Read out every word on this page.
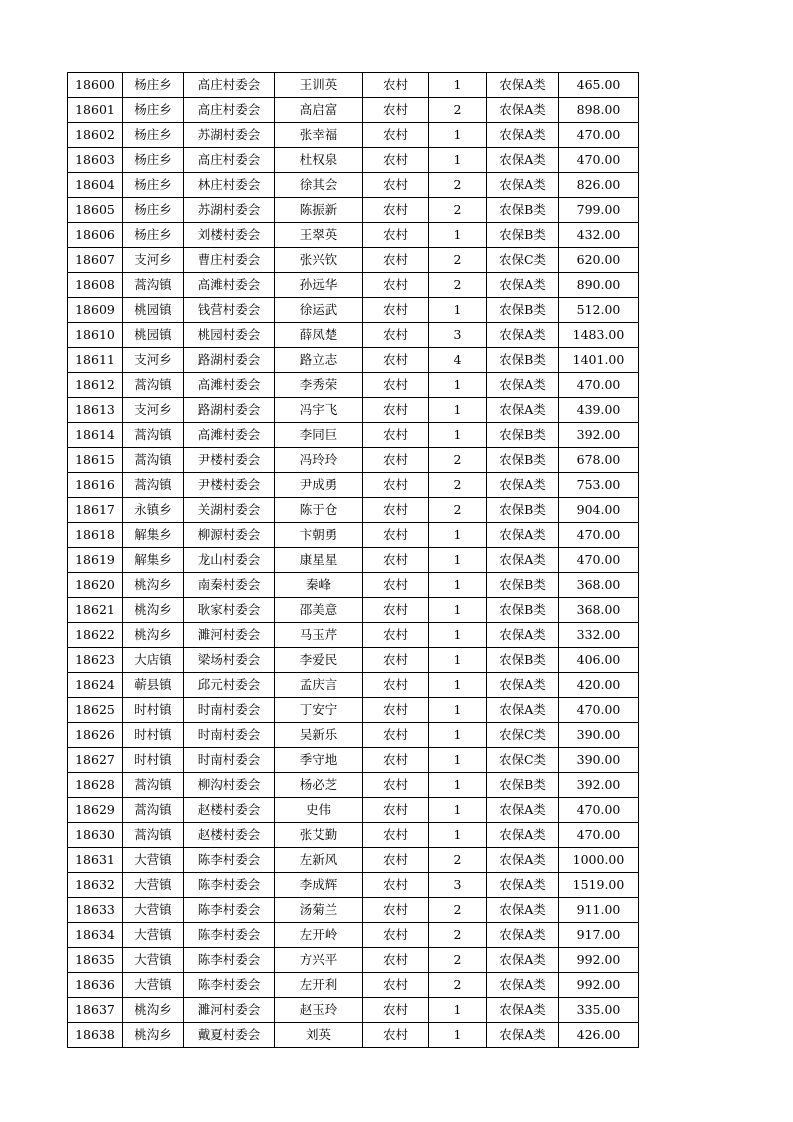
18600	杨庄乡	高庄村委会	王训英	农村	1	农保A类	465.00
18601	杨庄乡	高庄村委会	高启富	农村	2	农保A类	898.00
18602	杨庄乡	苏湖村委会	张幸福	农村	1	农保A类	470.00
18603	杨庄乡	高庄村委会	杜权泉	农村	1	农保A类	470.00
18604	杨庄乡	林庄村委会	徐其会	农村	2	农保A类	826.00
18605	杨庄乡	苏湖村委会	陈振新	农村	2	农保B类	799.00
18606	杨庄乡	刘楼村委会	王翠英	农村	1	农保B类	432.00
18607	支河乡	曹庄村委会	张兴钦	农村	2	农保C类	620.00
18608	蒿沟镇	高滩村委会	孙远华	农村	2	农保A类	890.00
18609	桃园镇	钱营村委会	徐运武	农村	1	农保B类	512.00
18610	桃园镇	桃园村委会	薛凤楚	农村	3	农保A类	1483.00
18611	支河乡	路湖村委会	路立志	农村	4	农保B类	1401.00
18612	蒿沟镇	高滩村委会	李秀荣	农村	1	农保A类	470.00
18613	支河乡	路湖村委会	冯宇飞	农村	1	农保A类	439.00
18614	蒿沟镇	高滩村委会	李同巨	农村	1	农保B类	392.00
18615	蒿沟镇	尹楼村委会	冯玲玲	农村	2	农保B类	678.00
18616	蒿沟镇	尹楼村委会	尹成勇	农村	2	农保A类	753.00
18617	永镇乡	关湖村委会	陈于仓	农村	2	农保B类	904.00
18618	解集乡	柳源村委会	卞朝勇	农村	1	农保A类	470.00
18619	解集乡	龙山村委会	康星星	农村	1	农保A类	470.00
18620	桃沟乡	南秦村委会	秦峰	农村	1	农保B类	368.00
18621	桃沟乡	耿家村委会	邵美意	农村	1	农保B类	368.00
18622	桃沟乡	濉河村委会	马玉芹	农村	1	农保A类	332.00
18623	大店镇	梁场村委会	李爱民	农村	1	农保B类	406.00
18624	蕲县镇	邱元村委会	孟庆言	农村	1	农保A类	420.00
18625	时村镇	时南村委会	丁安宁	农村	1	农保A类	470.00
18626	时村镇	时南村委会	吴新乐	农村	1	农保C类	390.00
18627	时村镇	时南村委会	季守地	农村	1	农保C类	390.00
18628	蒿沟镇	柳沟村委会	杨必芝	农村	1	农保B类	392.00
18629	蒿沟镇	赵楼村委会	史伟	农村	1	农保A类	470.00
18630	蒿沟镇	赵楼村委会	张艾勤	农村	1	农保A类	470.00
18631	大营镇	陈李村委会	左新风	农村	2	农保A类	1000.00
18632	大营镇	陈李村委会	李成辉	农村	3	农保A类	1519.00
18633	大营镇	陈李村委会	汤菊兰	农村	2	农保A类	911.00
18634	大营镇	陈李村委会	左开岭	农村	2	农保A类	917.00
18635	大营镇	陈李村委会	方兴平	农村	2	农保A类	992.00
18636	大营镇	陈李村委会	左开利	农村	2	农保A类	992.00
18637	桃沟乡	濉河村委会	赵玉玲	农村	1	农保A类	335.00
18638	桃沟乡	戴夏村委会	刘英	农村	1	农保A类	426.00
